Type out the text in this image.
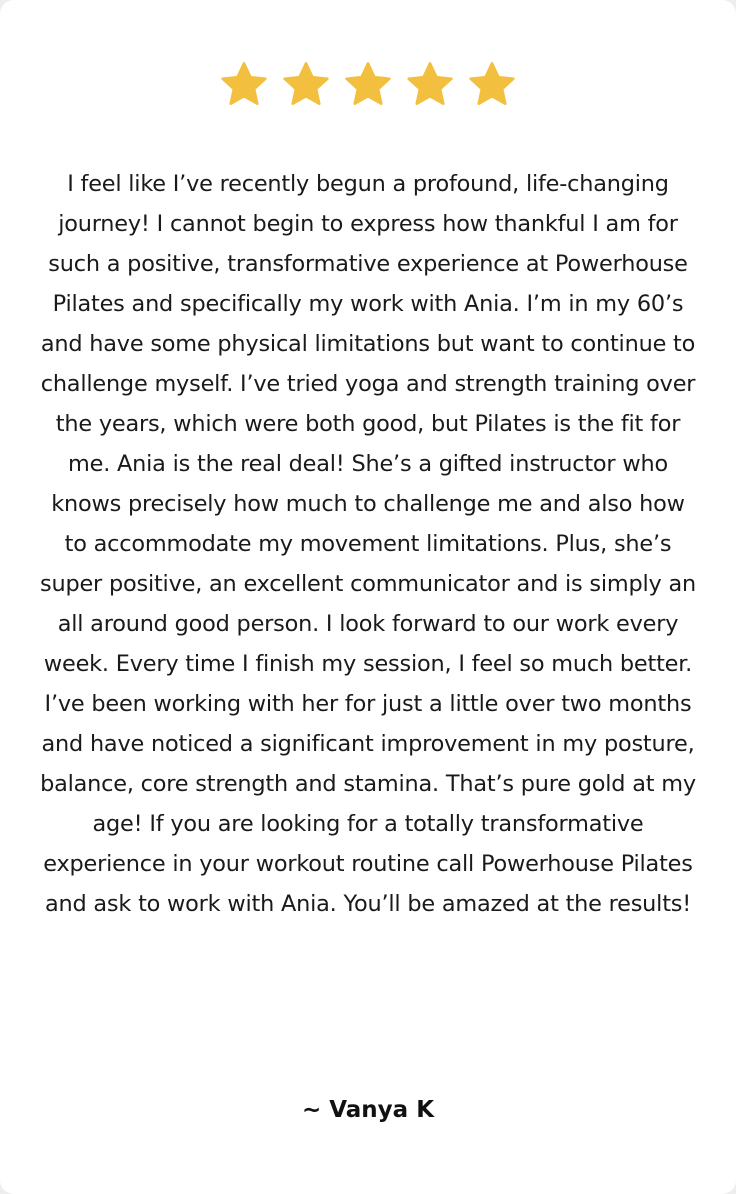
I feel like I’ve recently begun a profound, life-changing journey! I cannot begin to express how thankful I am for such a positive, transformative experience at Powerhouse Pilates and specifically my work with Ania. I’m in my 60’s and have some physical limitations but want to continue to challenge myself. I’ve tried yoga and strength training over the years, which were both good, but Pilates is the fit for me. Ania is the real deal! She’s a gifted instructor who knows precisely how much to challenge me and also how to accommodate my movement limitations. Plus, she’s super positive, an excellent communicator and is simply an all around good person. I look forward to our work every week. Every time I finish my session, I feel so much better. I’ve been working with her for just a little over two months and have noticed a significant improvement in my posture, balance, core strength and stamina. That’s pure gold at my age! If you are looking for a totally transformative experience in your workout routine call Powerhouse Pilates and ask to work with Ania. You’ll be amazed at the results!

~ Vanya K
